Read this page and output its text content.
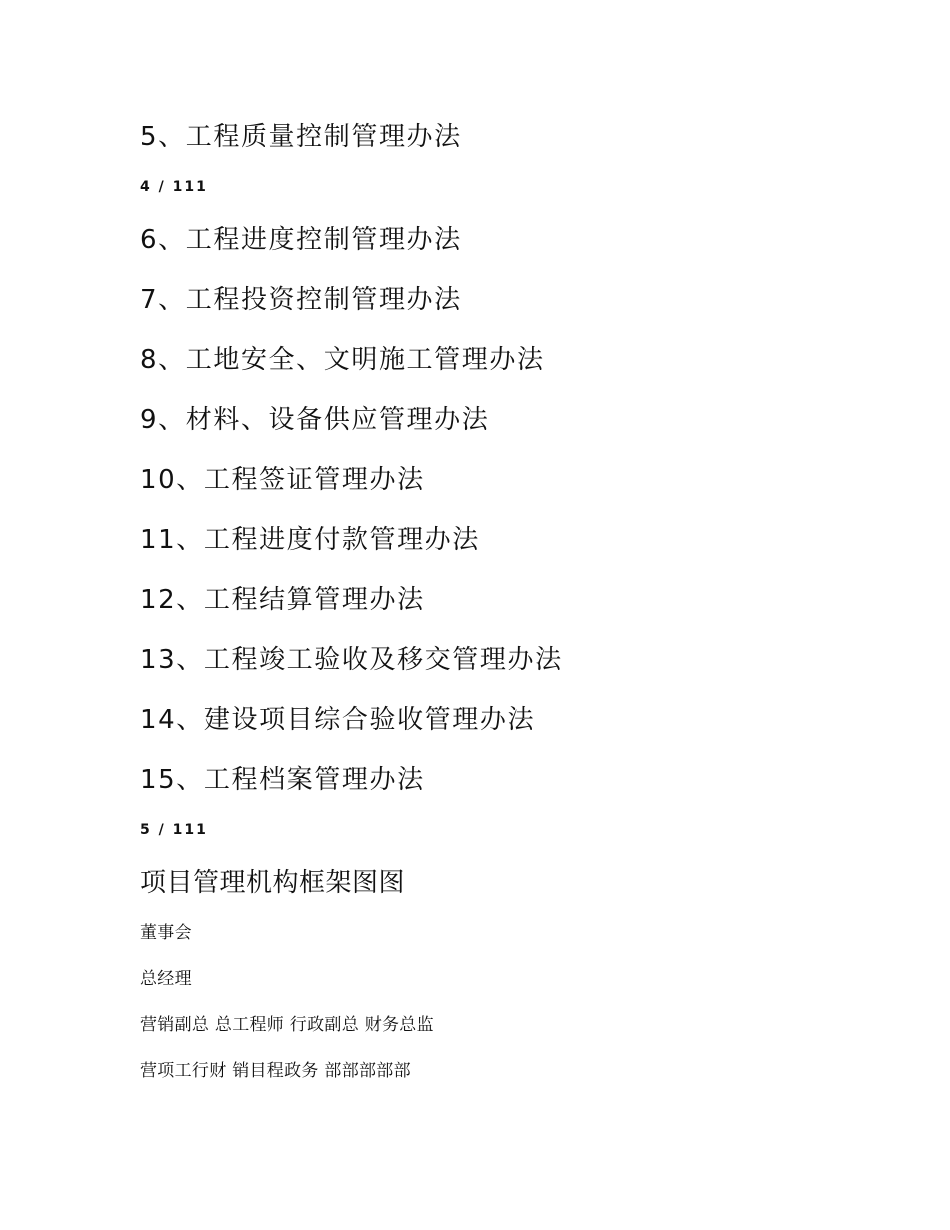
5、工程质量控制管理办法
4 / 111
6、工程进度控制管理办法
7、工程投资控制管理办法
8、工地安全、文明施工管理办法
9、材料、设备供应管理办法
10、工程签证管理办法
11、工程进度付款管理办法
12、工程结算管理办法
13、工程竣工验收及移交管理办法
14、建设项目综合验收管理办法
15、工程档案管理办法
5 / 111
项目管理机构框架图图
董事会
总经理
营销副总 总工程师 行政副总 财务总监
营项工行财 销目程政务 部部部部部
